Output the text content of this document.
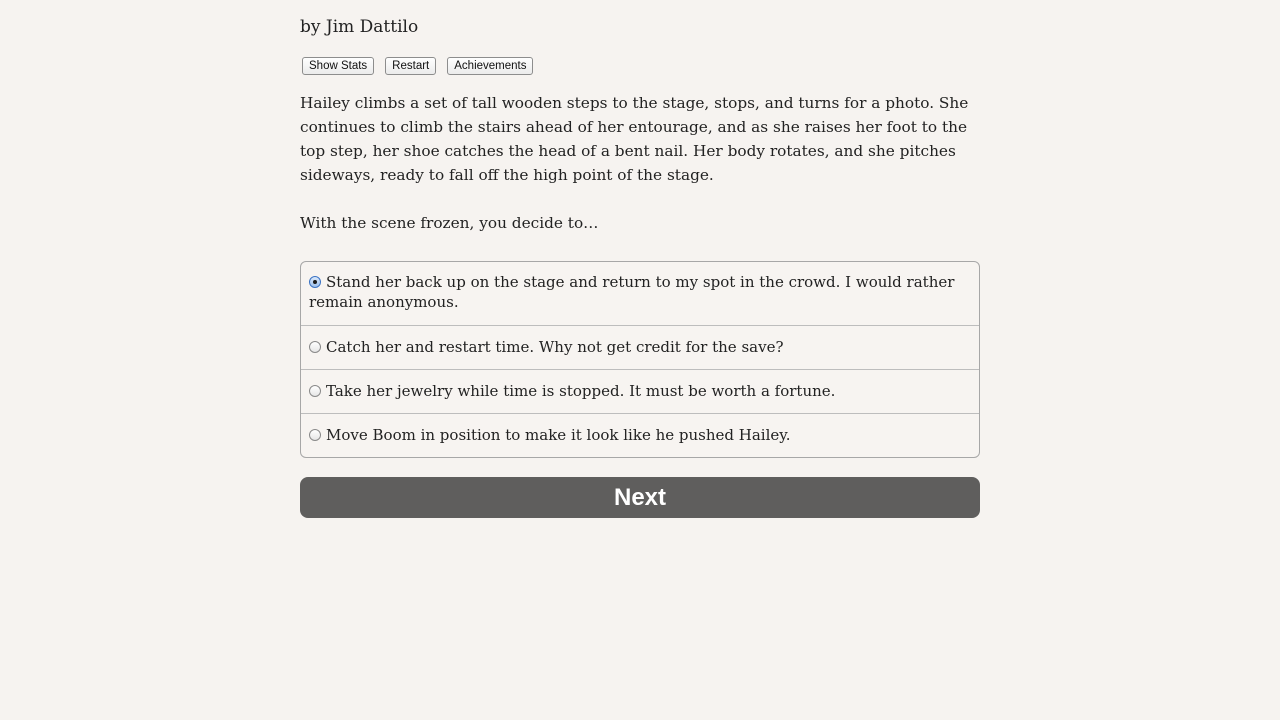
by Jim Dattilo
Show Stats	Restart	Achievements

Hailey climbs a set of tall wooden steps to the stage, stops, and turns for a photo. She continues to climb the stairs ahead of her entourage, and as she raises her foot to the top step, her shoe catches the head of a bent nail. Her body rotates, and she pitches sideways, ready to fall off the high point of the stage.

With the scene frozen, you decide to…

Stand her back up on the stage and return to my spot in the crowd. I would rather remain anonymous.
Catch her and restart time. Why not get credit for the save?
Take her jewelry while time is stopped. It must be worth a fortune.
Move Boom in position to make it look like he pushed Hailey.
Next
